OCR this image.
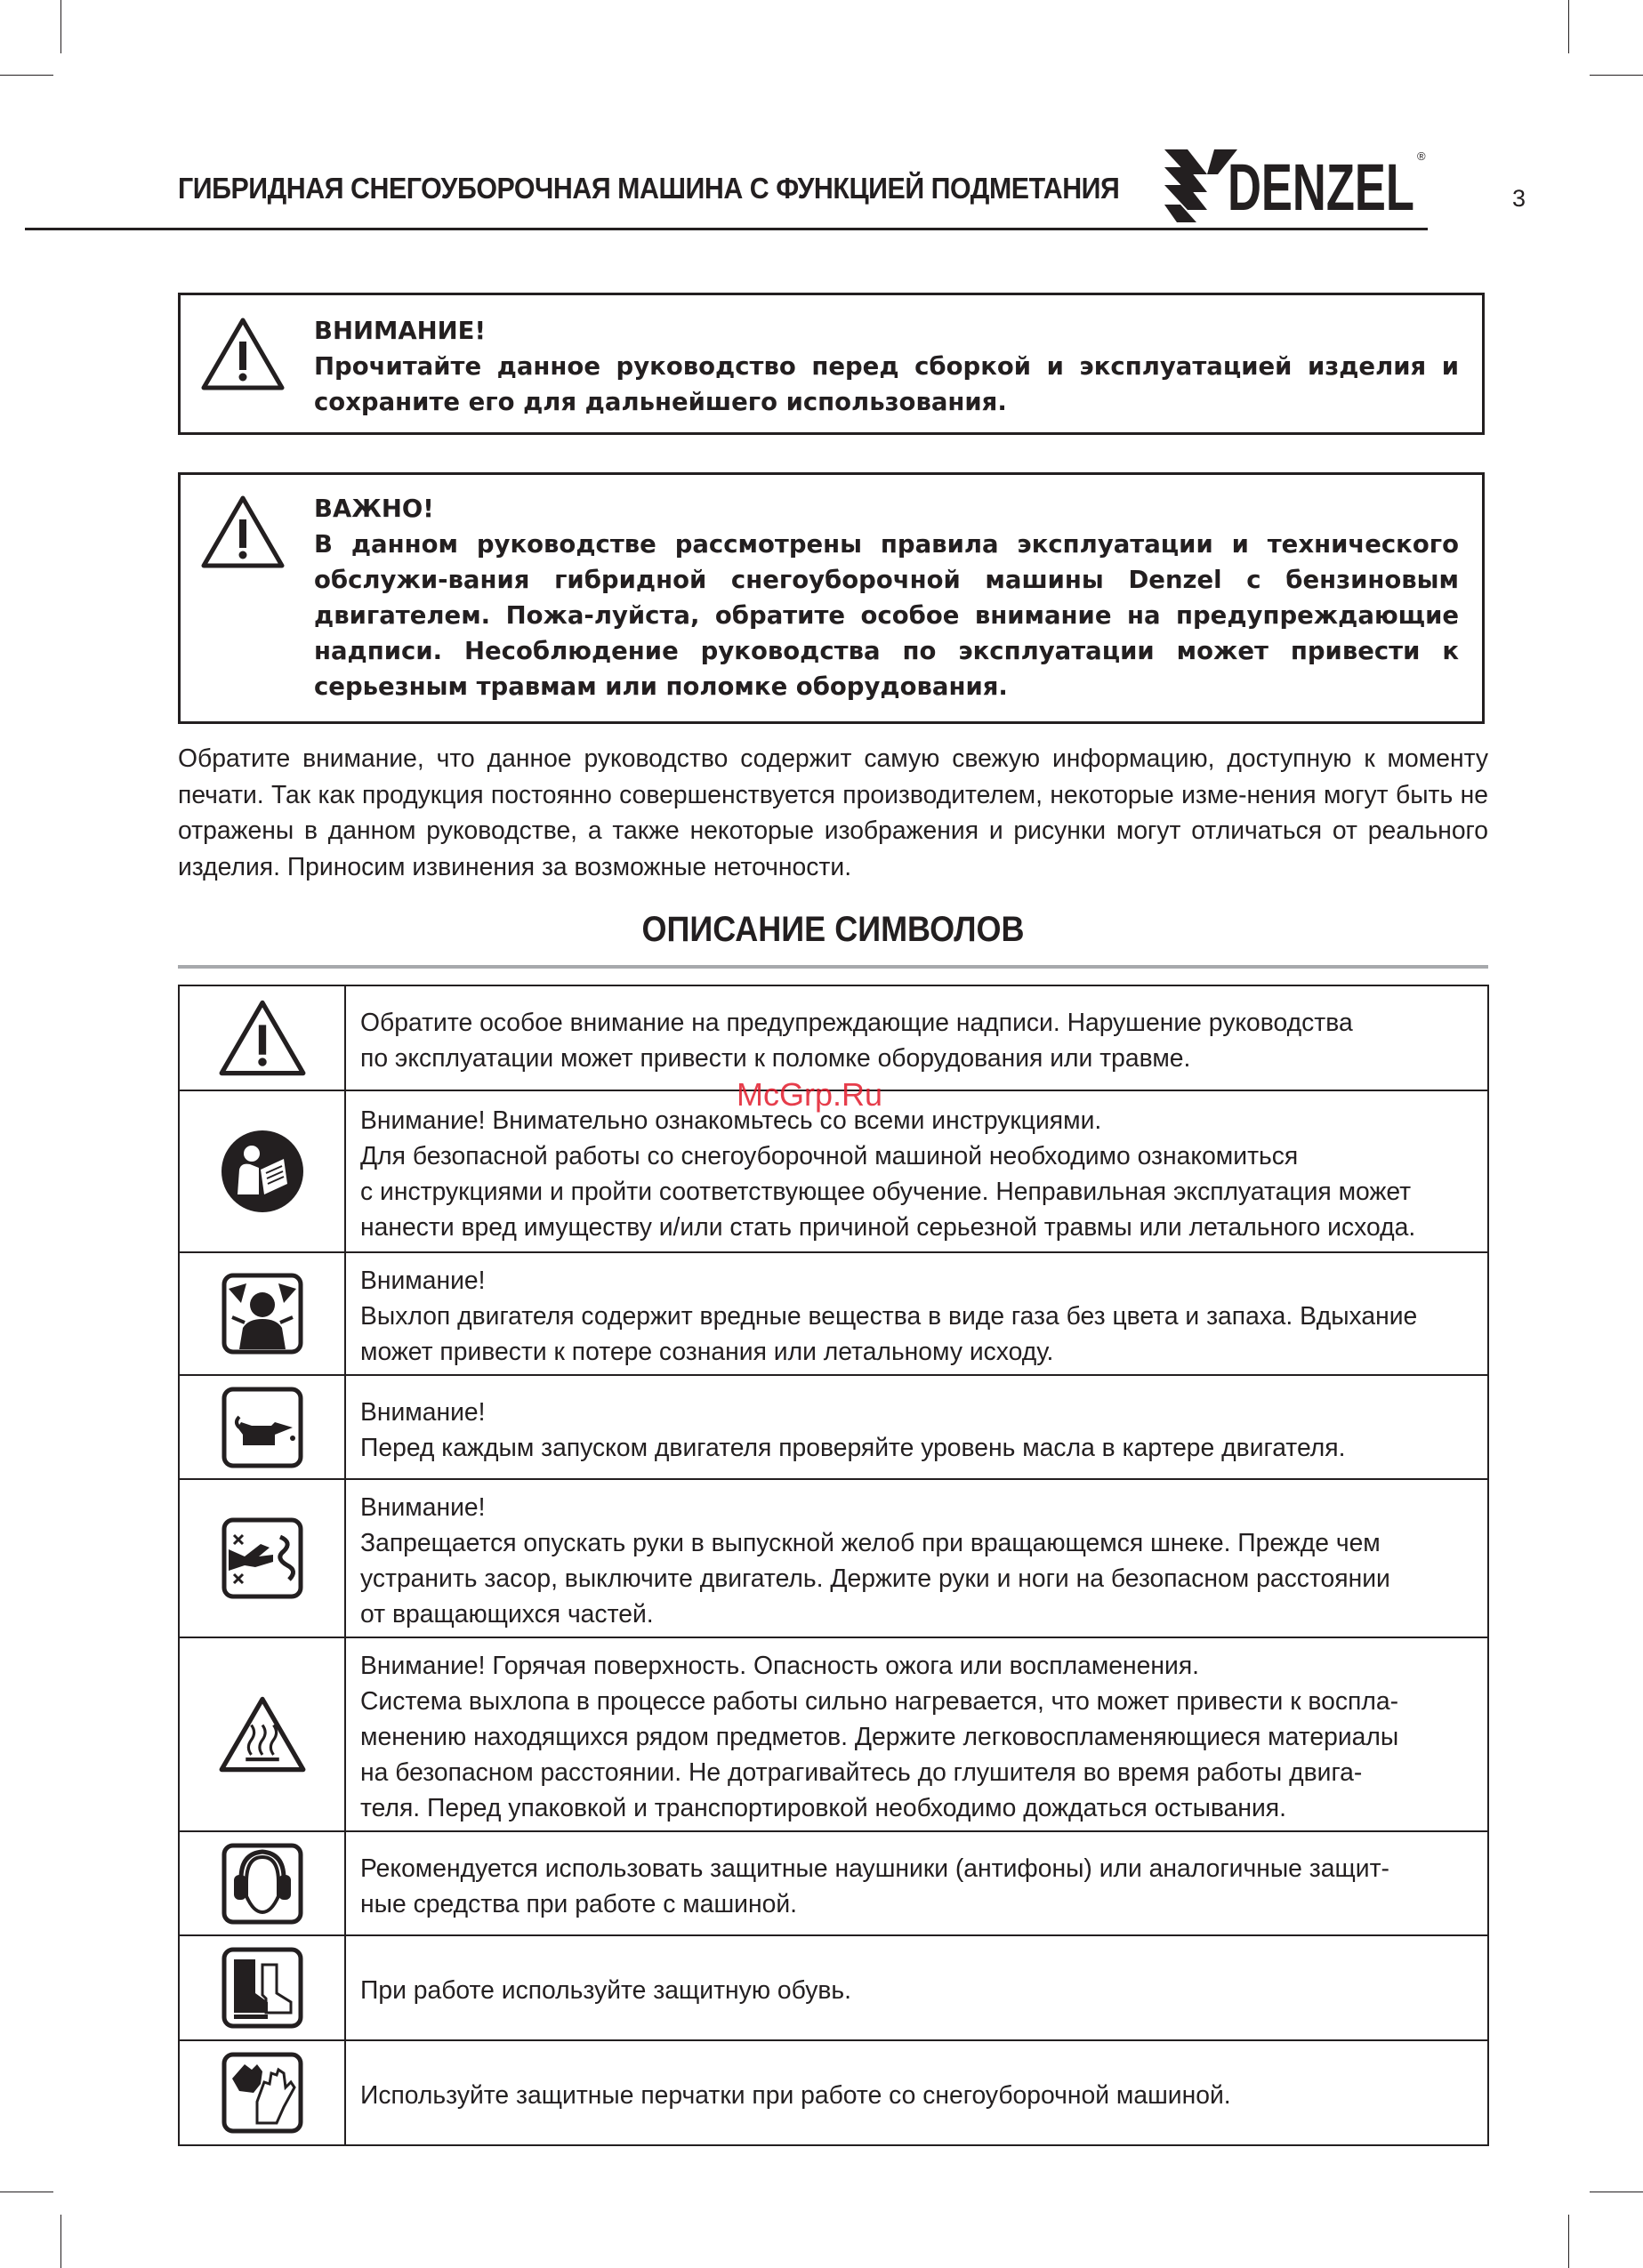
ГИБРИДНАЯ СНЕГОУБОРОЧНАЯ МАШИНА С ФУНКЦИЕЙ ПОДМЕТАНИЯ DENZEL ®
3
ВНИМАНИЕ!
Прочитайте данное руководство перед сборкой и эксплуатацией изделия и сохраните его для дальнейшего использования.
ВАЖНО!
В данном руководстве рассмотрены правила эксплуатации и технического обслужи-вания гибридной снегоуборочной машины Denzel с бензиновым двигателем. Пожа-луйста, обратите особое внимание на предупреждающие надписи. Несоблюдение руководства по эксплуатации может привести к серьезным травмам или поломке оборудования.
Обратите внимание, что данное руководство содержит самую свежую информацию, доступную к моменту печати. Так как продукция постоянно совершенствуется производителем, некоторые изме-нения могут быть не отражены в данном руководстве, а также некоторые изображения и рисунки могут отличаться от реального изделия. Приносим извинения за возможные неточности.
ОПИСАНИЕ СИМВОЛОВ

Обратите особое внимание на предупреждающие надписи. Нарушение руководства
по эксплуатации может привести к поломке оборудования или травме.

Внимание! Внимательно ознакомьтесь со всеми инструкциями.
Для безопасной работы со снегоуборочной машиной необходимо ознакомиться
с инструкциями и пройти соответствующее обучение. Неправильная эксплуатация может
нанести вред имуществу и/или стать причиной серьезной травмы или летального исхода.

Внимание!
Выхлоп двигателя содержит вредные вещества в виде газа без цвета и запаха. Вдыхание
может привести к потере сознания или летальному исходу.

Внимание!
Перед каждым запуском двигателя проверяйте уровень масла в картере двигателя.

Внимание!
Запрещается опускать руки в выпускной желоб при вращающемся шнеке. Прежде чем
устранить засор, выключите двигатель. Держите руки и ноги на безопасном расстоянии
от вращающихся частей.

Внимание! Горячая поверхность. Опасность ожога или воспламенения.
Система выхлопа в процессе работы сильно нагревается, что может привести к воспла-
менению находящихся рядом предметов. Держите легковоспламеняющиеся материалы
на безопасном расстоянии. Не дотрагивайтесь до глушителя во время работы двига-
теля. Перед упаковкой и транспортировкой необходимо дождаться остывания.

Рекомендуется использовать защитные наушники (антифоны) или аналогичные защит-
ные средства при работе с машиной.

При работе используйте защитную обувь.

Используйте защитные перчатки при работе со снегоуборочной машиной.
McGrp.Ru
